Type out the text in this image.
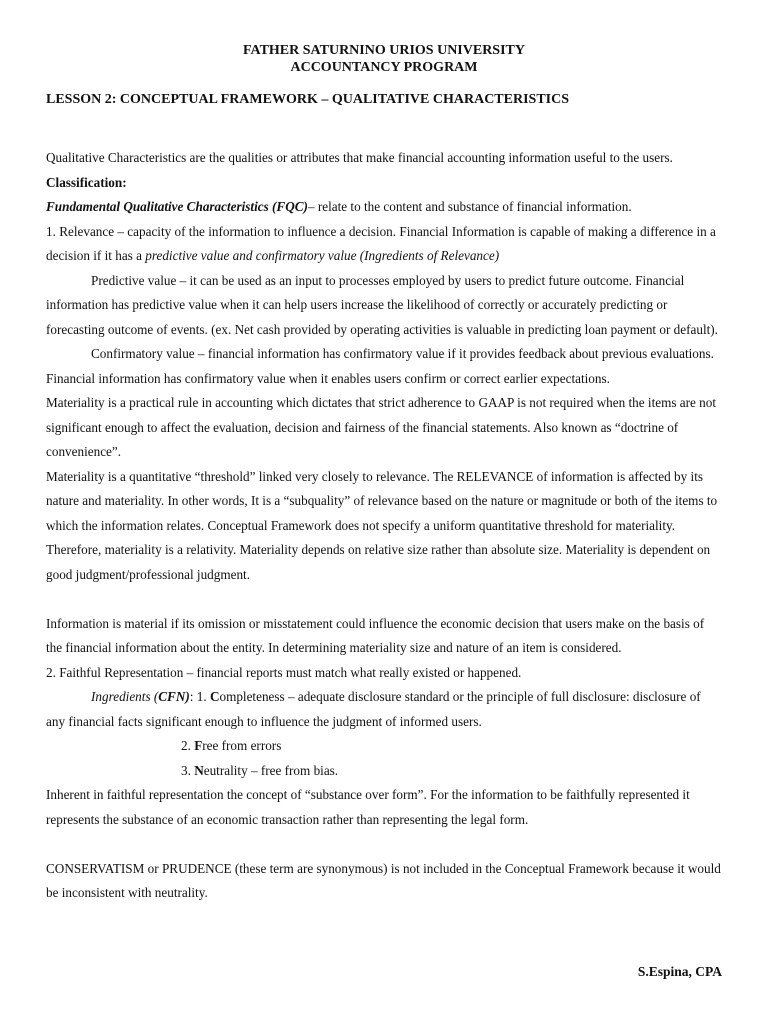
FATHER SATURNINO URIOS UNIVERSITY
ACCOUNTANCY PROGRAM
LESSON 2: CONCEPTUAL FRAMEWORK – QUALITATIVE CHARACTERISTICS

Qualitative Characteristics are the qualities or attributes that make financial accounting information useful to the users.

Classification:

Fundamental Qualitative Characteristics (FQC)– relate to the content and substance of financial information.

1. Relevance – capacity of the information to influence a decision. Financial Information is capable of making a difference in a decision if it has a predictive value and confirmatory value (Ingredients of Relevance)

Predictive value – it can be used as an input to processes employed by users to predict future outcome. Financial information has predictive value when it can help users increase the likelihood of correctly or accurately predicting or forecasting outcome of events. (ex. Net cash provided by operating activities is valuable in predicting loan payment or default).

Confirmatory value – financial information has confirmatory value if it provides feedback about previous evaluations. Financial information has confirmatory value when it enables users confirm or correct earlier expectations.

Materiality is a practical rule in accounting which dictates that strict adherence to GAAP is not required when the items are not significant enough to affect the evaluation, decision and fairness of the financial statements. Also known as “doctrine of convenience”.

Materiality is a quantitative “threshold” linked very closely to relevance. The RELEVANCE of information is affected by its nature and materiality. In other words, It is a “subquality” of relevance based on the nature or magnitude or both of the items to which the information relates. Conceptual Framework does not specify a uniform quantitative threshold for materiality.

Therefore, materiality is a relativity. Materiality depends on relative size rather than absolute size. Materiality is dependent on good judgment/professional judgment.

Information is material if its omission or misstatement could influence the economic decision that users make on the basis of the financial information about the entity. In determining materiality size and nature of an item is considered.

2. Faithful Representation – financial reports must match what really existed or happened.

Ingredients (CFN): 1. Completeness – adequate disclosure standard or the principle of full disclosure: disclosure of any financial facts significant enough to influence the judgment of informed users.

2. Free from errors

3. Neutrality – free from bias.

Inherent in faithful representation the concept of “substance over form”. For the information to be faithfully represented it represents the substance of an economic transaction rather than representing the legal form.

CONSERVATISM or PRUDENCE (these term are synonymous) is not included in the Conceptual Framework because it would be inconsistent with neutrality.

S.Espina, CPA
